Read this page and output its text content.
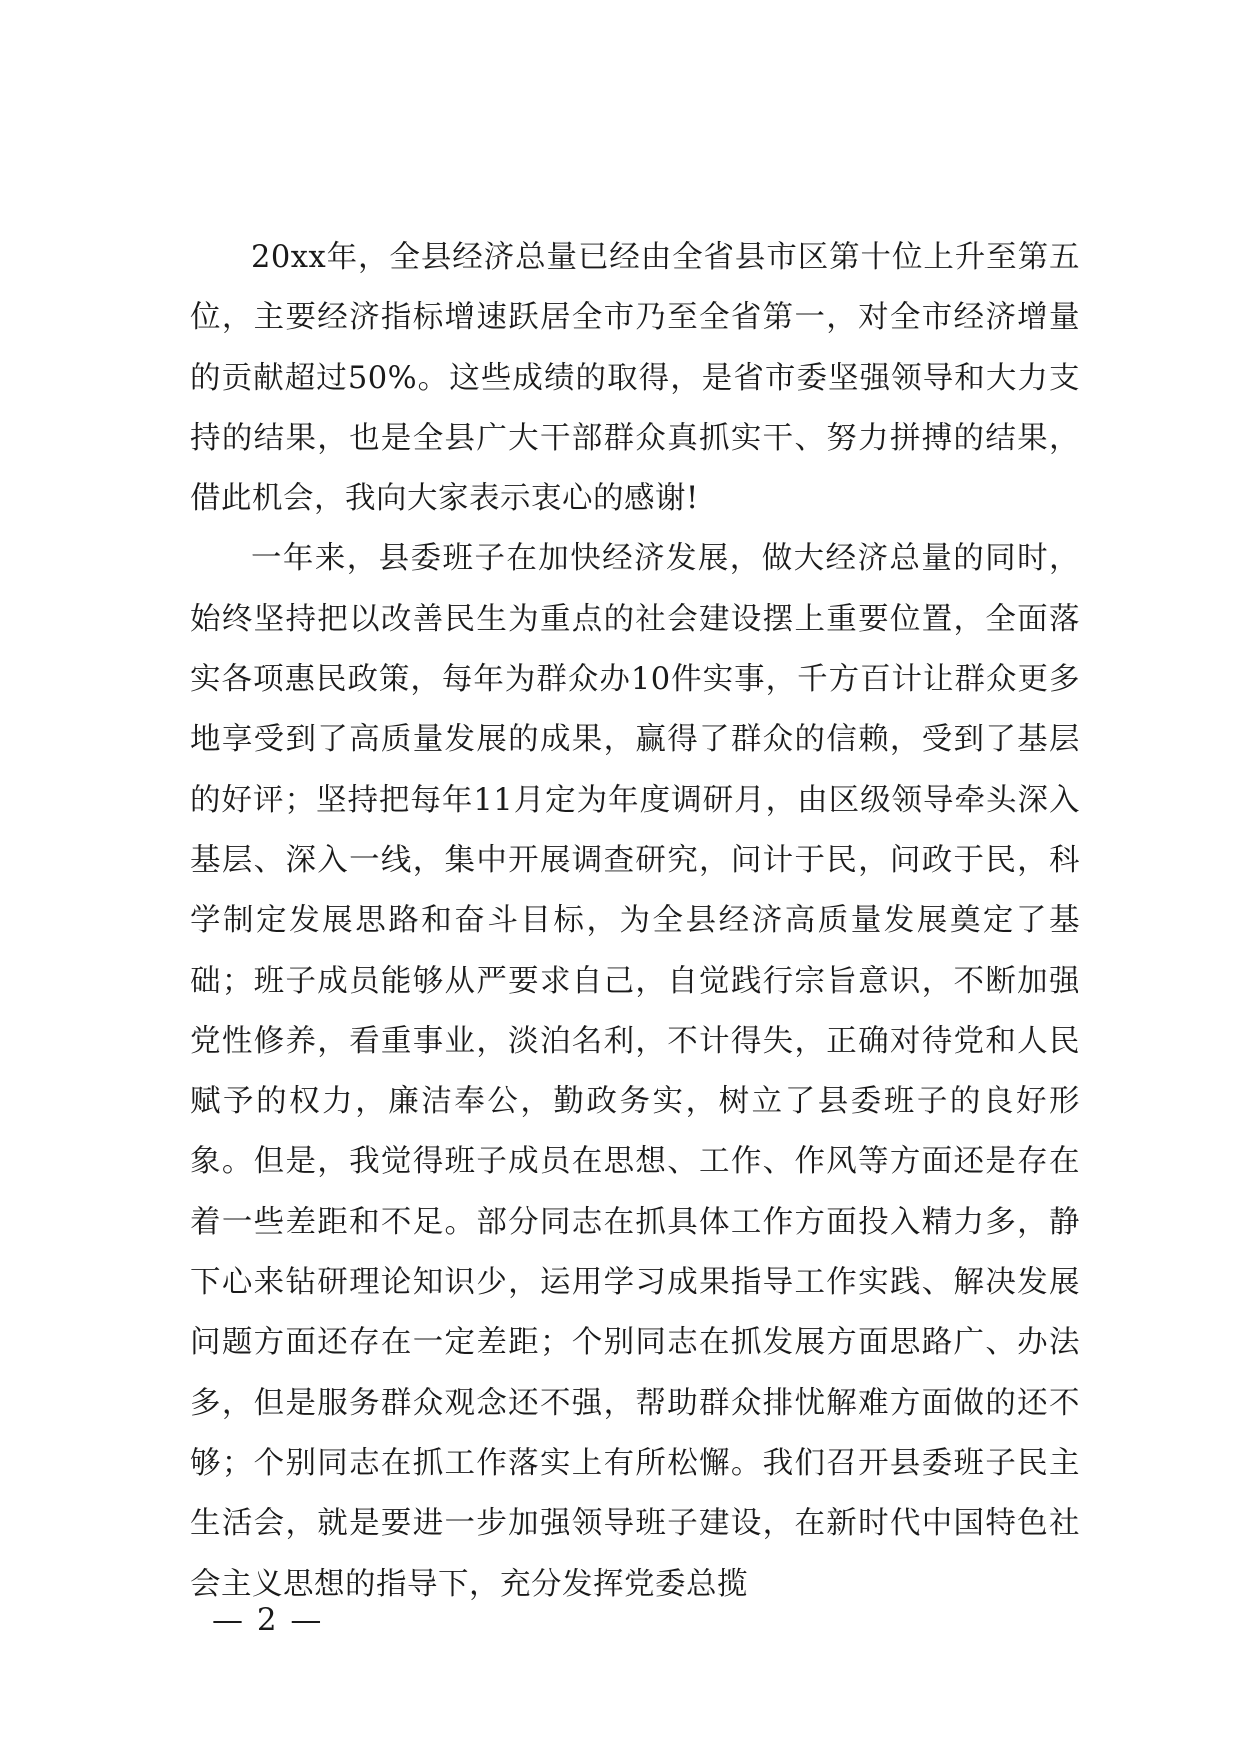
20xx年，全县经济总量已经由全省县市区第十位上升至第五位，主要经济指标增速跃居全市乃至全省第一，对全市经济增量的贡献超过50%。这些成绩的取得，是省市委坚强领导和大力支持的结果，也是全县广大干部群众真抓实干、努力拼搏的结果，借此机会，我向大家表示衷心的感谢!

一年来，县委班子在加快经济发展，做大经济总量的同时，始终坚持把以改善民生为重点的社会建设摆上重要位置，全面落实各项惠民政策，每年为群众办10件实事，千方百计让群众更多地享受到了高质量发展的成果，赢得了群众的信赖，受到了基层的好评；坚持把每年11月定为年度调研月，由区级领导牵头深入基层、深入一线，集中开展调查研究，问计于民，问政于民，科学制定发展思路和奋斗目标，为全县经济高质量发展奠定了基础；班子成员能够从严要求自己，自觉践行宗旨意识，不断加强党性修养，看重事业，淡泊名利，不计得失，正确对待党和人民赋予的权力，廉洁奉公，勤政务实，树立了县委班子的良好形象。但是，我觉得班子成员在思想、工作、作风等方面还是存在着一些差距和不足。部分同志在抓具体工作方面投入精力多，静下心来钻研理论知识少，运用学习成果指导工作实践、解决发展问题方面还存在一定差距；个别同志在抓发展方面思路广、办法多，但是服务群众观念还不强，帮助群众排忧解难方面做的还不够；个别同志在抓工作落实上有所松懈。我们召开县委班子民主生活会，就是要进一步加强领导班子建设，在新时代中国特色社会主义思想的指导下，充分发挥党委总揽

— 2 —
